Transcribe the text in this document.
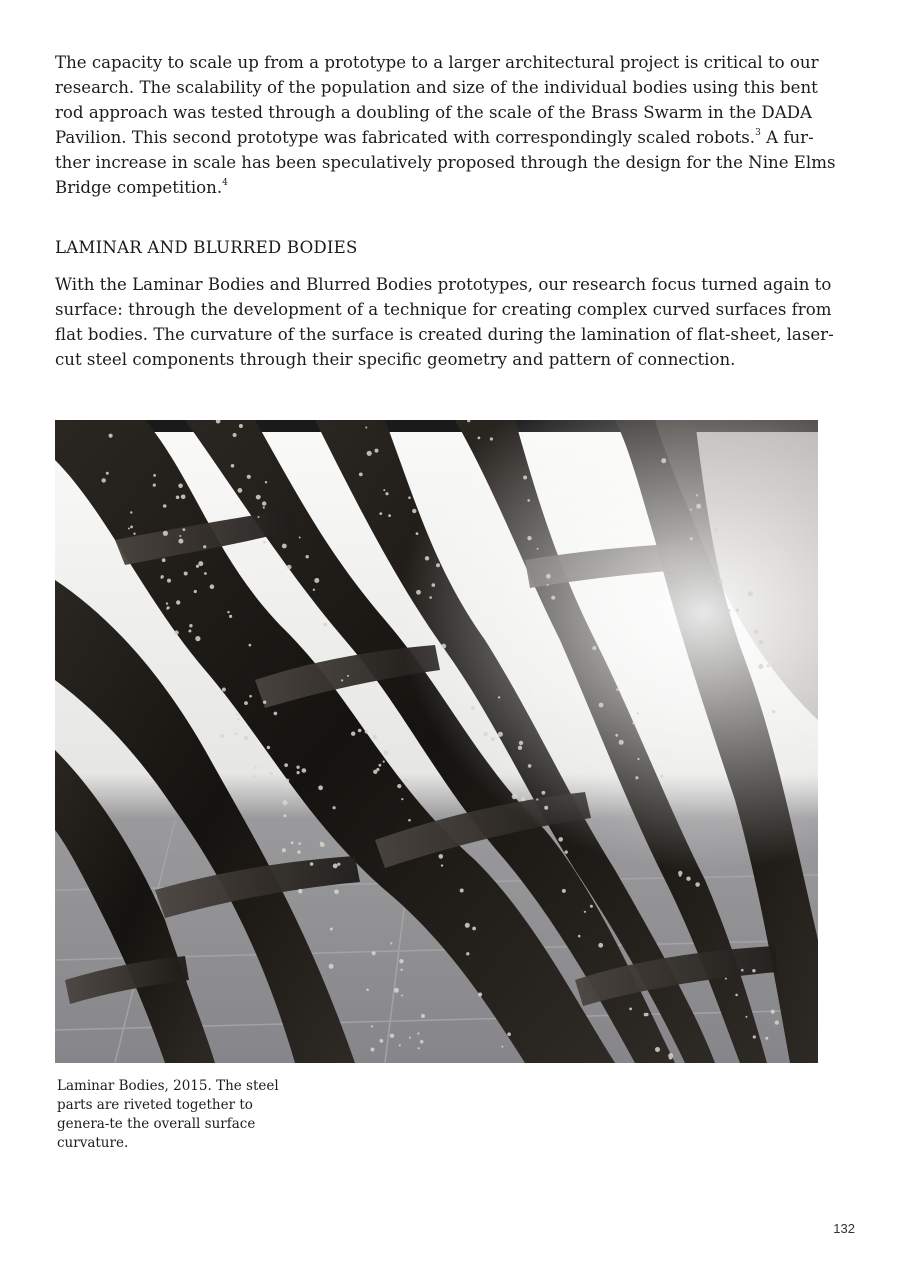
The capacity to scale up from a prototype to a larger architectural project is critical to our research. The scalability of the population and size of the individual bodies using this bent rod approach was tested through a doubling of the scale of the Brass Swarm in the DADA Pavilion. This second prototype was fabricated with correspondingly scaled robots.$^3$ A fur-ther increase in scale has been speculatively proposed through the design for the Nine Elms Bridge competition.$^4$

LAMINAR AND BLURRED BODIES

With the Laminar Bodies and Blurred Bodies prototypes, our research focus turned again to surface: through the development of a technique for creating complex curved surfaces from flat bodies. The curvature of the surface is created during the lamination of flat-sheet, laser-cut steel components through their specific geometry and pattern of connection.

Laminar Bodies, 2015. The steel parts are riveted together to genera-te the overall surface curvature.

132
